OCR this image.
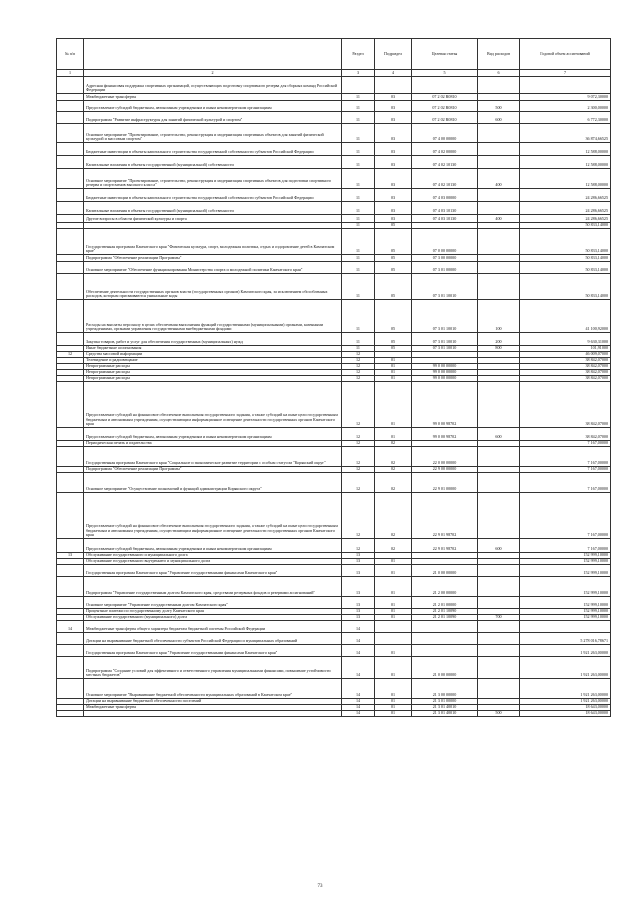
№ п/п		Раздел	Подраздел	Целевая статья	Вид расходов	Годовой объем ассигнований
1	2	3	4	5	6	7
	Адресная финансовая поддержка спортивных организаций, осуществляющих подготовку спортивного резерва для сборных команд Российской Федерации					
	Межбюджетные трансферты	11	03	07 2 02 R0810		9 072,30000
	Предоставление субсидий бюджетным, автономным учреждениям и иным некоммерческим организациям	11	03	07 2 02 R0810	500	2 300,00000
	Подпрограмма "Развитие инфраструктуры для занятий физической культурой и спортом"	11	03	07 2 02 R0810	600	6 772,30000
	Основное мероприятие "Проектирование, строительство, реконструкция и модернизация спортивных объектов для занятий физической культурой и массовым спортом"	11	03	07 4 00 00000		36 874,66525
	Бюджетные инвестиции в объекты капитального строительства государственной собственности субъектов Российской Федерации	11	03	07 4 02 00000		12 588,00000
	Капитальные вложения в объекты государственной (муниципальной) собственности	11	03	07 4 02 10130		12 588,00000
	Основное мероприятие "Проектирование, строительство, реконструкция и модернизация спортивных объектов для подготовки спортивного резерва и спортсменов высокого класса"	11	03	07 4 02 10130	400	12 588,00000
	Бюджетные инвестиции в объекты капитального строительства государственной собственности субъектов Российской Федерации	11	03	07 4 03 00000		24 286,66525
	Капитальные вложения в объекты государственной (муниципальной) собственности	11	03	07 4 03 10130		24 286,66525
	Другие вопросы в области физической культуры и спорта	11	03	07 4 03 10130	400	24 286,66525
		11	05			50 833,14000
	Государственная программа Камчатского края "Физическая культура, спорт, молодежная политика, отдых и оздоровление детей в Камчатском крае"	11	05	07 0 00 00000		50 833,14000
	Подпрограмма "Обеспечение реализации Программы"	11	05	07 3 00 00000		50 833,14000
	Основное мероприятие "Обеспечение функционирования Министерства спорта и молодежной политики Камчатского края"	11	05	07 3 01 00000		50 833,14000
	Обеспечение деятельности государственных органов власти (государственных органов) Камчатского края, за исключением обособленных расходов, которым присваиваются уникальные коды	11	05	07 3 01 10010		50 833,14000
	Расходы на выплаты персоналу в целях обеспечения выполнения функций государственными (муниципальными) органами, казенными учреждениями, органами управления государственными внебюджетными фондами	11	05	07 3 01 10010	100	41 100,92000
	Закупка товаров, работ и услуг для обеспечения государственных (муниципальных) нужд	11	05	07 3 01 10010	200	9 630,31000
	Иные бюджетные ассигнования	11	05	07 3 01 10010	800	101,91000
12	Средства массовой информации	12				46 009,07000
	Телевидение и радиовещание	12	01			38 842,07000
	Непрограммные расходы	12	01	99 0 00 00000		38 842,07000
	Непрограммные расходы	12	01	99 0 00 00000		38 842,07000
	Непрограммные расходы	12	01	99 0 00 00000		38 842,07000
	Предоставление субсидий на финансовое обеспечение выполнения государственного задания, а также субсидий на иные цели государственным бюджетным и автономным учреждениям, осуществляющим информационное освещение деятельности государственных органов Камчатского края	12	01	99 0 00 98702		38 842,07000
	Предоставление субсидий бюджетным, автономным учреждениям и иным некоммерческим организациям	12	01	99 0 00 98702	600	38 842,07000
	Периодическая печать и издательства	12	02			7 167,00000
	Государственная программа Камчатского края "Социальное и экономическое развитие территории с особым статусом "Корякский округ"	12	02	22 0 00 00000		7 167,00000
	Подпрограмма "Обеспечение реализации Программы"	12	02	22 9 00 00000		7 167,00000
	Основное мероприятие "Осуществление полномочий и функций администрации Корякского округа"	12	02	22 9 01 00000		7 167,00000
	Предоставление субсидий на финансовое обеспечение выполнения государственного задания, а также субсидий на иные цели государственным бюджетным и автономным учреждениям, осуществляющим информационное освещение деятельности государственных органов Камчатского края	12	02	22 9 01 98702		7 167,00000
	Предоставление субсидий бюджетным, автономным учреждениям и иным некоммерческим организациям	12	02	22 9 01 98702	600	7 167,00000
13	Обслуживание государственного и муниципального долга	13				152 999,10000
	Обслуживание государственного внутреннего и муниципального долга	13	01			152 999,10000
	Государственная программа Камчатского края "Управление государственными финансами Камчатского края"	13	01	21 0 00 00000		152 999,10000
	Подпрограмма "Управление государственным долгом Камчатского края, средствами резервных фондов и резервами ассигнований"	13	01	21 2 00 00000		152 999,10000
	Основное мероприятие "Управление государственным долгом Камчатского края"	13	01	21 2 01 00000		152 999,10000
	Процентные платежи по государственному долгу Камчатского края	13	01	21 2 01 10090		152 999,10000
	Обслуживание государственного (муниципального) долга	13	01	21 2 01 10090	700	152 999,10000
14	Межбюджетные трансферты общего характера бюджетам бюджетной системы Российской Федерации	14				
	Дотации на выравнивание бюджетной обеспеченности субъектов Российской Федерации и муниципальных образований	14				5 278 016,78671
	Государственная программа Камчатского края "Управление государственными финансами Камчатского края"	14	01			1 921 263,00000
	Подпрограмма "Создание условий для эффективного и ответственного управления муниципальными финансами, повышение устойчивости местных бюджетов"	14	01	21 0 00 00000		1 921 263,00000
	Основное мероприятие "Выравнивание бюджетной обеспеченности муниципальных образований в Камчатском крае"	14	01	21 3 00 00000		1 921 263,00000
	Дотации на выравнивание бюджетной обеспеченности поселений	14	01	21 3 01 00000		1 921 263,00000
	Межбюджетные трансферты	14	01	21 3 01 40010		18 643,00000
		14	01	21 3 01 40010	500	18 643,00000
73
